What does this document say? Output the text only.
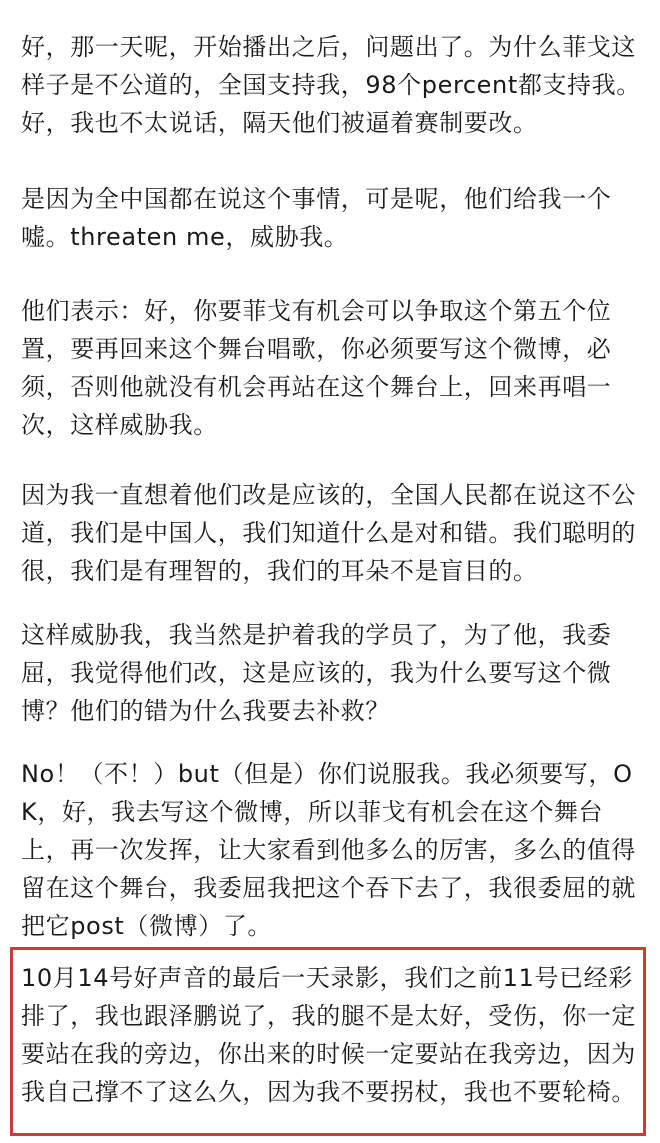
好，那一天呢，开始播出之后，问题出了。为什么菲戈这样子是不公道的，全国支持我，98个percent都支持我。好，我也不太说话，隔天他们被逼着赛制要改。

是因为全中国都在说这个事情，可是呢，他们给我一个嘘。threaten me，威胁我。

他们表示：好，你要菲戈有机会可以争取这个第五个位置，要再回来这个舞台唱歌，你必须要写这个微博，必须，否则他就没有机会再站在这个舞台上，回来再唱一次，这样威胁我。

因为我一直想着他们改是应该的，全国人民都在说这不公道，我们是中国人，我们知道什么是对和错。我们聪明的很，我们是有理智的，我们的耳朵不是盲目的。

这样威胁我，我当然是护着我的学员了，为了他，我委屈，我觉得他们改，这是应该的，我为什么要写这个微博？他们的错为什么我要去补救？

No！（不！）but（但是）你们说服我。我必须要写，OK，好，我去写这个微博，所以菲戈有机会在这个舞台上，再一次发挥，让大家看到他多么的厉害，多么的值得留在这个舞台，我委屈我把这个吞下去了，我很委屈的就把它post（微博）了。

10月14号好声音的最后一天录影，我们之前11号已经彩排了，我也跟泽鹏说了，我的腿不是太好，受伤，你一定要站在我的旁边，你出来的时候一定要站在我旁边，因为我自己撑不了这么久，因为我不要拐杖，我也不要轮椅。
